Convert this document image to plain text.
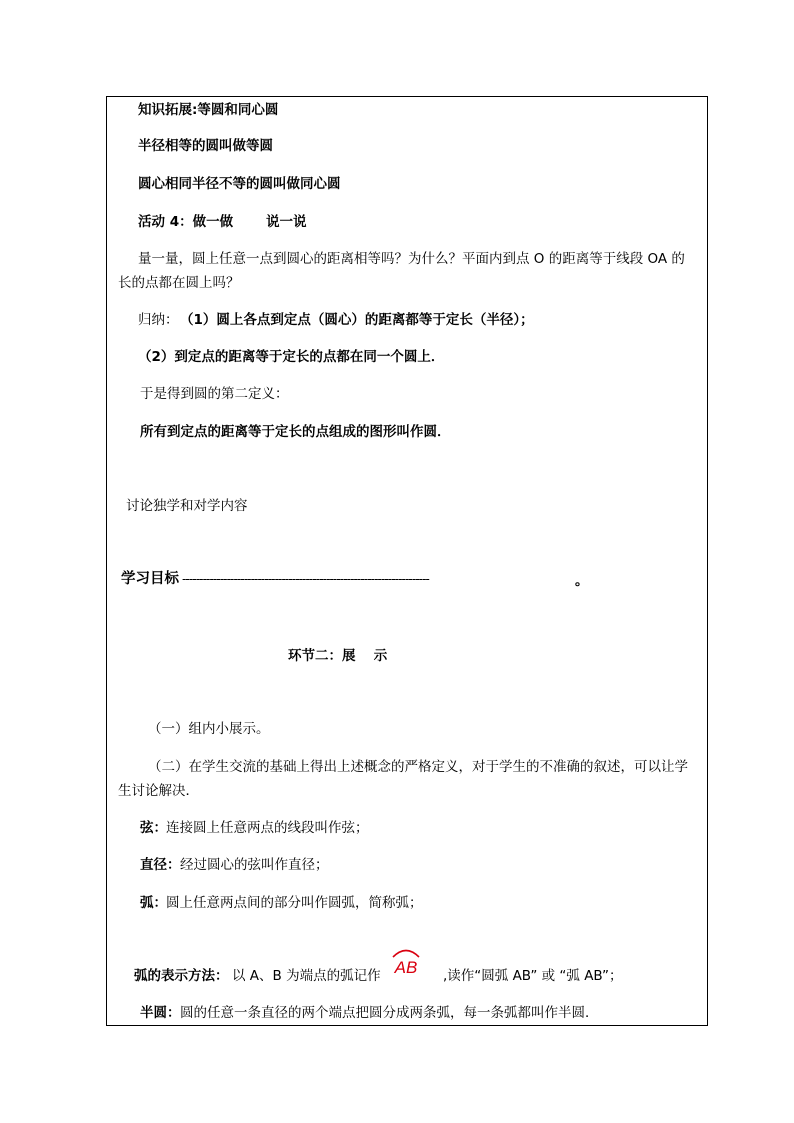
知识拓展:等圆和同心圆
半径相等的圆叫做等圆
圆心相同半径不等的圆叫做同心圆
活动 4：做一做 说一说
量一量，圆上任意一点到圆心的距离相等吗？为什么？平面内到点 O 的距离等于线段 OA 的
长的点都在圆上吗？
归纳： （1）圆上各点到定点（圆心）的距离都等于定长（半径）；
（2）到定点的距离等于定长的点都在同一个圆上．
于是得到圆的第二定义：
所有到定点的距离等于定长的点组成的图形叫作圆．
讨论独学和对学内容
学习目标 ------------------------------------------------------------------------	。
环节二：展　 示
（一）组内小展示。
（二）在学生交流的基础上得出上述概念的严格定义，对于学生的不准确的叙述，可以让学
生讨论解决．
弦： 连接圆上任意两点的线段叫作弦；
直径： 经过圆心的弦叫作直径；
弧： 圆上任意两点间的部分叫作圆弧，简称弧；
弧的表示方法： 以 A、B 为端点的弧记作 AB ,读作“圆弧 AB” 或 “弧 AB”；
半圆： 圆的任意一条直径的两个端点把圆分成两条弧，每一条弧都叫作半圆．
